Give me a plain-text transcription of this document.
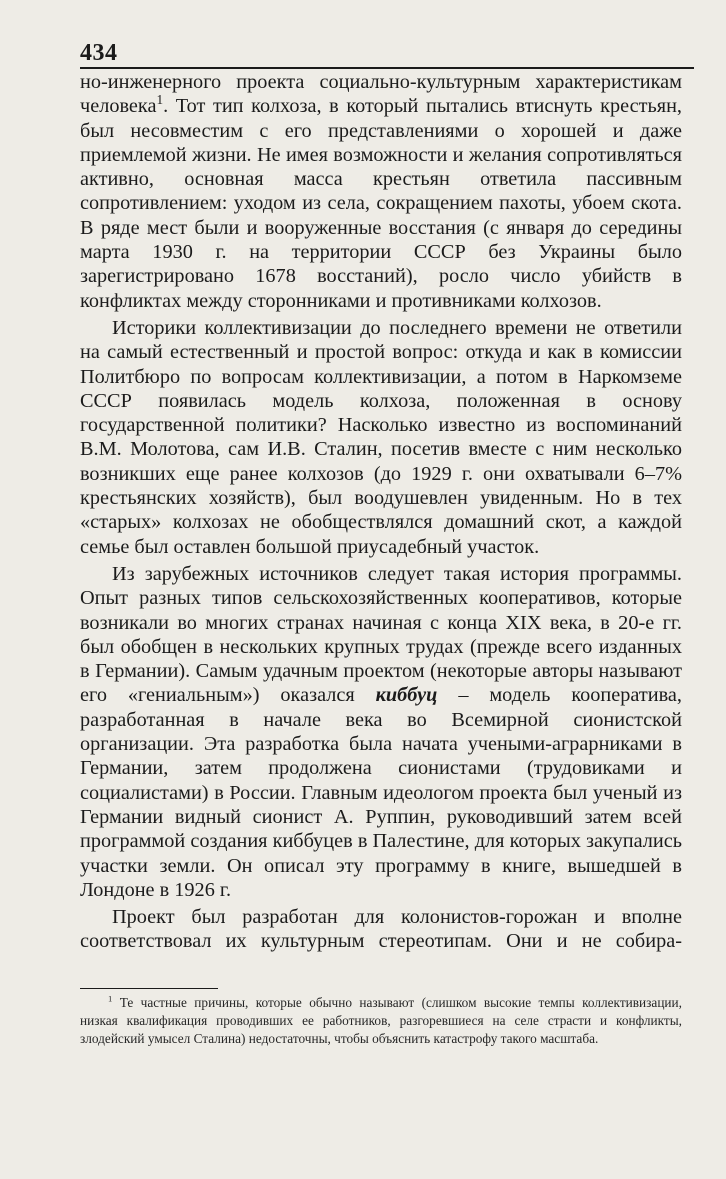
434

но-инженерного проекта социально-культурным характеристикам человека$^1$. Тот тип колхоза, в который пытались втиснуть крестьян, был несовместим с его представлениями о хорошей и даже приемлемой жизни. Не имея возможности и желания сопротивляться активно, основная масса крестьян ответила пассивным сопротивлением: уходом из села, сокращением пахоты, убоем скота. В ряде мест были и вооруженные восстания (с января до середины марта 1930 г. на территории СССР без Украины было зарегистрировано 1678 восстаний), росло число убийств в конфликтах между сторонниками и противниками колхозов.

Историки коллективизации до последнего времени не ответили на самый естественный и простой вопрос: откуда и как в комиссии Политбюро по вопросам коллективизации, а потом в Наркомземе СССР появилась модель колхоза, положенная в основу государственной политики? Насколько известно из воспоминаний В.М. Молотова, сам И.В. Сталин, посетив вместе с ним несколько возникших еще ранее колхозов (до 1929 г. они охватывали 6–7% крестьянских хозяйств), был воодушевлен увиденным. Но в тех «старых» колхозах не обобществлялся домашний скот, а каждой семье был оставлен большой приусадебный участок.

Из зарубежных источников следует такая история программы. Опыт разных типов сельскохозяйственных кооперативов, которые возникали во многих странах начиная с конца XIX века, в 20-е гг. был обобщен в нескольких крупных трудах (прежде всего изданных в Германии). Самым удачным проектом (некоторые авторы называют его «гениальным») оказался киббуц – модель кооператива, разработанная в начале века во Всемирной сионистской организации. Эта разработка была начата учеными-аграрниками в Германии, затем продолжена сионистами (трудовиками и социалистами) в России. Главным идеологом проекта был ученый из Германии видный сионист А. Руппин, руководивший затем всей программой создания киббуцев в Палестине, для которых закупались участки земли. Он описал эту программу в книге, вышедшей в Лондоне в 1926 г.

Проект был разработан для колонистов-горожан и вполне соответствовал их культурным стереотипам. Они и не собира-

$^1$ Те частные причины, которые обычно называют (слишком высокие темпы коллективизации, низкая квалификация проводивших ее работников, разгоревшиеся на селе страсти и конфликты, злодейский умысел Сталина) недостаточны, чтобы объяснить катастрофу такого масштаба.
